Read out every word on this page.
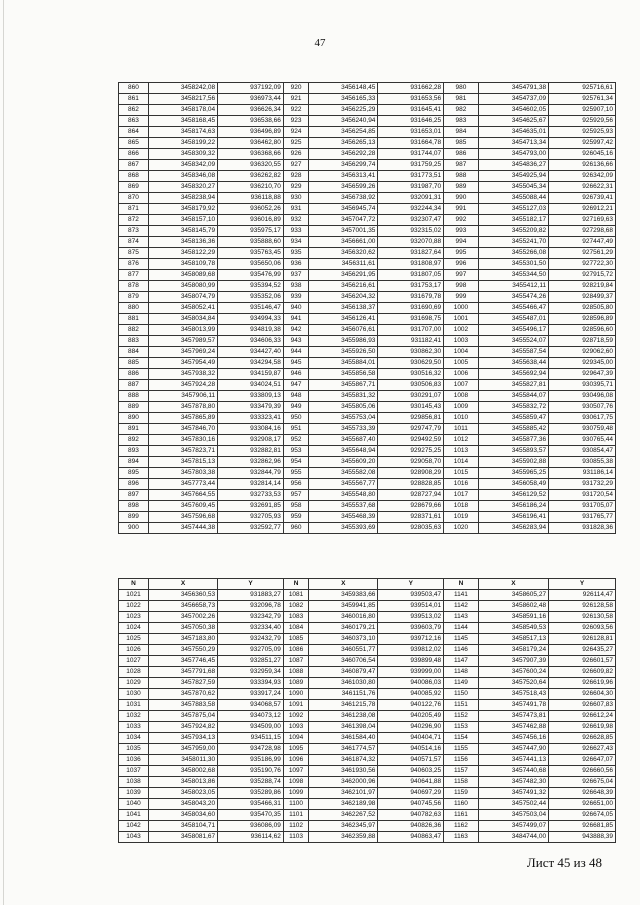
47
860	3458242,08	937192,09	920	3456148,45	931662,28	980	3454791,38	925716,61
861	3458217,56	936973,44	921	3456165,33	931653,56	981	3454737,09	925761,34
862	3458178,04	936626,34	922	3456225,29	931645,41	982	3454602,05	925907,10
863	3458168,45	936538,66	923	3456240,94	931646,25	983	3454625,67	925929,56
864	3458174,63	936496,89	924	3456254,85	931653,01	984	3454635,01	925925,93
865	3458199,22	936462,80	925	3456265,13	931664,78	985	3454713,34	925997,42
866	3458309,32	936368,66	926	3456292,28	931744,07	986	3454793,00	926045,16
867	3458342,09	936320,55	927	3456299,74	931759,25	987	3454836,27	926136,66
868	3458346,08	936262,82	928	3456313,41	931773,51	988	3454925,94	926342,09
869	3458320,27	936210,70	929	3456599,26	931987,70	989	3455045,34	926622,31
870	3458238,94	936118,88	930	3456738,92	932091,31	990	3455088,44	926739,41
871	3458179,92	936052,26	931	3456945,74	932244,34	991	3455127,03	926912,21
872	3458157,10	936016,89	932	3457047,72	932307,47	992	3455182,17	927169,63
873	3458145,79	935975,17	933	3457001,35	932315,02	993	3455209,82	927298,68
874	3458136,36	935888,60	934	3456661,00	932070,88	994	3455241,70	927447,49
875	3458122,29	935763,45	935	3456320,62	931827,64	995	3455266,08	927561,29
876	3458109,78	935650,06	936	3456311,61	931808,97	996	3455301,50	927722,30
877	3458089,68	935476,99	937	3456291,95	931807,05	997	3455344,50	927915,72
878	3458080,99	935394,52	938	3456216,61	931753,17	998	3455412,11	928219,84
879	3458074,79	935352,06	939	3456204,32	931679,78	999	3455474,26	928499,37
880	3458052,41	935146,47	940	3456138,37	931690,69	1000	3455466,47	928505,80
881	3458034,84	934994,33	941	3456126,41	931698,75	1001	3455487,01	928596,89
882	3458013,99	934819,38	942	3456076,61	931707,00	1002	3455496,17	928596,60
883	3457989,57	934606,33	943	3455986,93	931182,41	1003	3455524,07	928718,59
884	3457969,24	934427,40	944	3455926,50	930862,30	1004	3455587,54	929062,60
885	3457954,49	934294,58	945	3455884,01	930629,50	1005	3455638,44	929345,00
886	3457938,32	934159,87	946	3455856,58	930516,32	1006	3455692,94	929647,39
887	3457924,28	934024,51	947	3455867,71	930506,83	1007	3455827,81	930395,71
888	3457906,11	933809,13	948	3455831,32	930291,07	1008	3455844,07	930496,08
889	3457878,80	933479,39	949	3455805,06	930145,43	1009	3455832,72	930507,76
890	3457865,89	933323,41	950	3455753,04	929856,81	1010	3455859,47	930617,75
891	3457846,70	933084,16	951	3455733,39	929747,79	1011	3455885,42	930759,48
892	3457830,16	932908,17	952	3455687,40	929492,59	1012	3455877,36	930765,44
893	3457823,71	932882,81	953	3455648,94	929275,25	1013	3455893,57	930854,47
894	3457815,13	932862,96	954	3455609,20	929058,70	1014	3455902,88	930855,38
895	3457803,38	932844,79	955	3455582,08	928908,29	1015	3455965,25	931186,14
896	3457773,44	932814,14	956	3455567,77	928828,85	1016	3456058,49	931732,29
897	3457664,55	932733,53	957	3455548,80	928727,94	1017	3456129,52	931720,54
898	3457609,45	932691,85	958	3455537,68	928679,66	1018	3456186,24	931705,07
899	3457596,68	932705,93	959	3455468,39	928371,61	1019	3456196,41	931765,77
900	3457444,38	932592,77	960	3455393,69	928035,63	1020	3456283,94	931828,36
N	X	Y	N	X	Y	N	X	Y
1021	3456360,53	931883,27	1081	3459383,66	939503,47	1141	3458605,27	926114,47
1022	3456658,73	932096,78	1082	3459941,85	939514,01	1142	3458602,48	926128,58
1023	3457002,26	932342,79	1083	3460016,80	939513,02	1143	3458591,16	926130,58
1024	3457050,38	932334,40	1084	3460179,21	939603,79	1144	3458549,53	926093,56
1025	3457183,80	932432,79	1085	3460373,10	939712,16	1145	3458517,13	926128,81
1026	3457550,29	932705,09	1086	3460551,77	939812,02	1146	3458179,24	926435,27
1027	3457746,45	932851,27	1087	3460706,54	939899,48	1147	3457907,39	926601,57
1028	3457791,68	932959,34	1088	3460879,47	939999,00	1148	3457600,24	926609,82
1029	3457827,59	933394,93	1089	3461030,80	940086,03	1149	3457520,64	926619,96
1030	3457870,62	933917,24	1090	3461151,76	940085,92	1150	3457518,43	926604,30
1031	3457883,58	934068,57	1091	3461215,78	940122,76	1151	3457491,78	926607,83
1032	3457875,04	934073,12	1092	3461238,08	940205,49	1152	3457473,81	926612,24
1033	3457924,82	934509,00	1093	3461398,04	940296,90	1153	3457462,88	926619,98
1034	3457934,13	934511,15	1094	3461584,40	940404,71	1154	3457456,16	926628,85
1035	3457959,00	934728,98	1095	3461774,57	940514,16	1155	3457447,90	926627,43
1036	3458011,30	935186,99	1096	3461874,32	940571,57	1156	3457441,13	926647,07
1037	3458002,68	935190,76	1097	3461930,56	940603,25	1157	3457440,68	926660,56
1038	3458013,86	935288,74	1098	3462000,96	940641,88	1158	3457482,30	926675,04
1039	3458023,05	935289,86	1099	3462101,97	940697,29	1159	3457491,32	926648,39
1040	3458043,20	935466,31	1100	3462189,98	940745,56	1160	3457502,44	926651,00
1041	3458034,60	935470,35	1101	3462267,52	940782,63	1161	3457503,04	926674,05
1042	3458104,71	936086,09	1102	3462345,97	940826,36	1162	3457499,07	926681,85
1043	3458081,67	936114,62	1103	3462359,88	940863,47	1163	3484744,00	943888,39
Лист 45 из 48
